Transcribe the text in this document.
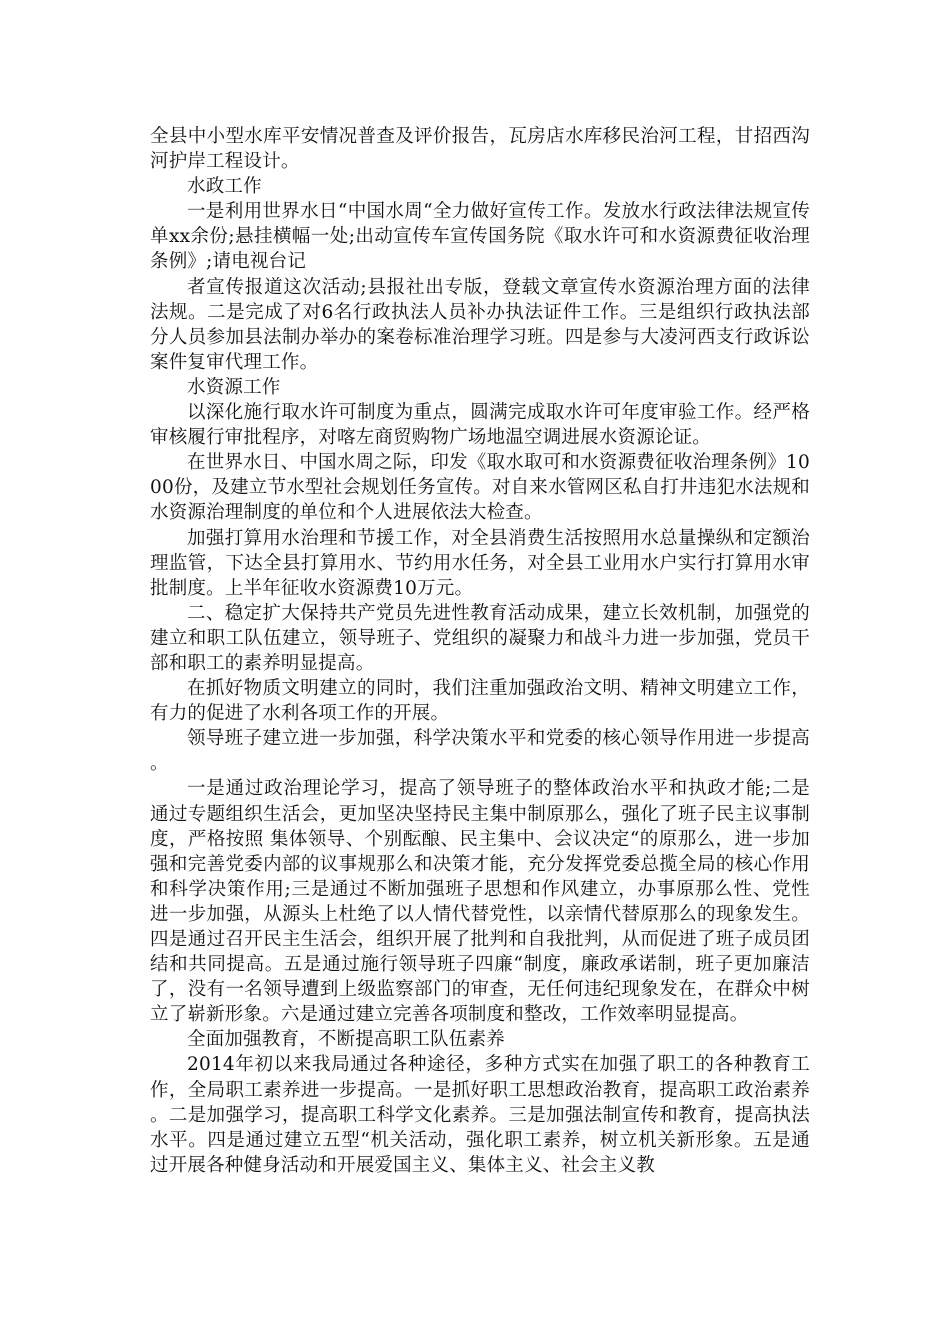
全县中小型水库平安情况普查及评价报告，瓦房店水库移民治河工程，甘招西沟河护岸工程设计。

水政工作

一是利用世界水日“中国水周“全力做好宣传工作。发放水行政法律法规宣传单xx余份;悬挂横幅一处;出动宣传车宣传国务院《取水许可和水资源费征收治理条例》;请电视台记

者宣传报道这次活动;县报社出专版，登载文章宣传水资源治理方面的法律法规。二是完成了对6名行政执法人员补办执法证件工作。三是组织行政执法部分人员参加县法制办举办的案卷标准治理学习班。四是参与大凌河西支行政诉讼案件复审代理工作。

水资源工作

以深化施行取水许可制度为重点，圆满完成取水许可年度审验工作。经严格审核履行审批程序，对喀左商贸购物广场地温空调进展水资源论证。

在世界水日、中国水周之际，印发《取水取可和水资源费征收治理条例》1000份，及建立节水型社会规划任务宣传。对自来水管网区私自打井违犯水法规和水资源治理制度的单位和个人进展依法大检查。

加强打算用水治理和节援工作，对全县消费生活按照用水总量操纵和定额治理监管，下达全县打算用水、节约用水任务，对全县工业用水户实行打算用水审批制度。上半年征收水资源费10万元。

二、稳定扩大保持共产党员先进性教育活动成果，建立长效机制，加强党的建立和职工队伍建立，领导班子、党组织的凝聚力和战斗力进一步加强，党员干部和职工的素养明显提高。

在抓好物质文明建立的同时，我们注重加强政治文明、精神文明建立工作，有力的促进了水利各项工作的开展。

领导班子建立进一步加强，科学决策水平和党委的核心领导作用进一步提高。

一是通过政治理论学习，提高了领导班子的整体政治水平和执政才能;二是通过专题组织生活会，更加坚决坚持民主集中制原那么，强化了班子民主议事制度，严格按照 集体领导、个别酝酿、民主集中、会议决定“的原那么，进一步加强和完善党委内部的议事规那么和决策才能，充分发挥党委总揽全局的核心作用和科学决策作用;三是通过不断加强班子思想和作风建立，办事原那么性、党性进一步加强，从源头上杜绝了以人情代替党性，以亲情代替原那么的现象发生。四是通过召开民主生活会，组织开展了批判和自我批判，从而促进了班子成员团结和共同提高。五是通过施行领导班子四廉“制度，廉政承诺制，班子更加廉洁了，没有一名领导遭到上级监察部门的审查，无任何违纪现象发在，在群众中树立了崭新形象。六是通过建立完善各项制度和整改，工作效率明显提高。

全面加强教育，不断提高职工队伍素养

2014年初以来我局通过各种途径，多种方式实在加强了职工的各种教育工作，全局职工素养进一步提高。一是抓好职工思想政治教育，提高职工政治素养。二是加强学习，提高职工科学文化素养。三是加强法制宣传和教育，提高执法水平。四是通过建立五型“机关活动，强化职工素养，树立机关新形象。五是通过开展各种健身活动和开展爱国主义、集体主义、社会主义教
